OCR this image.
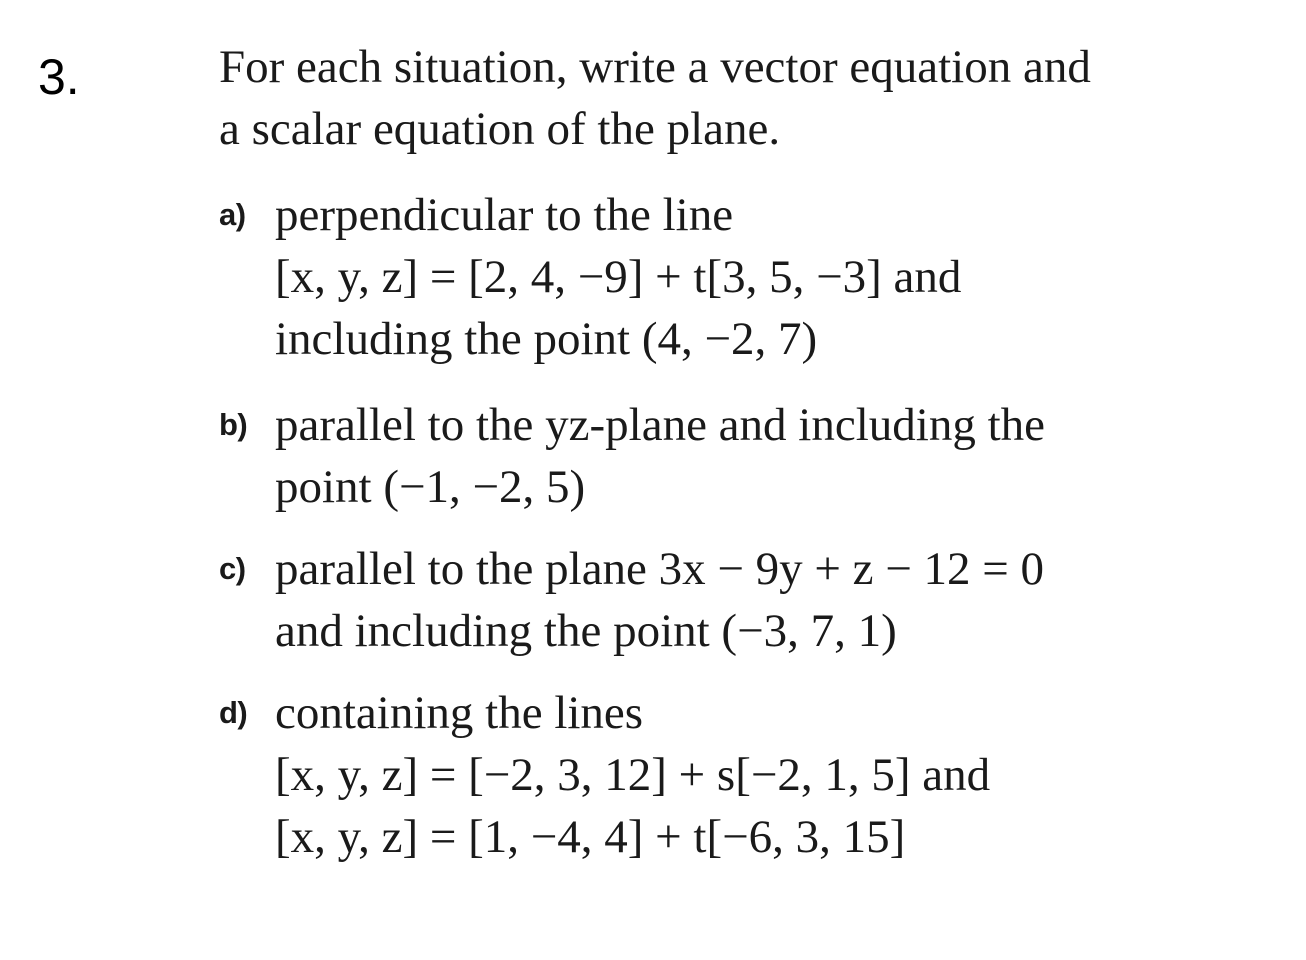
3.	For each situation, write a vector equation and
a scalar equation of the plane.
a) perpendicular to the line
[x, y, z] = [2, 4, −9] + t[3, 5, −3] and
including the point (4, −2, 7)
b) parallel to the yz-plane and including the
point (−1, −2, 5)
c) parallel to the plane 3x − 9y + z − 12 = 0
and including the point (−3, 7, 1)
d) containing the lines
[x, y, z] = [−2, 3, 12] + s[−2, 1, 5] and
[x, y, z] = [1, −4, 4] + t[−6, 3, 15]
